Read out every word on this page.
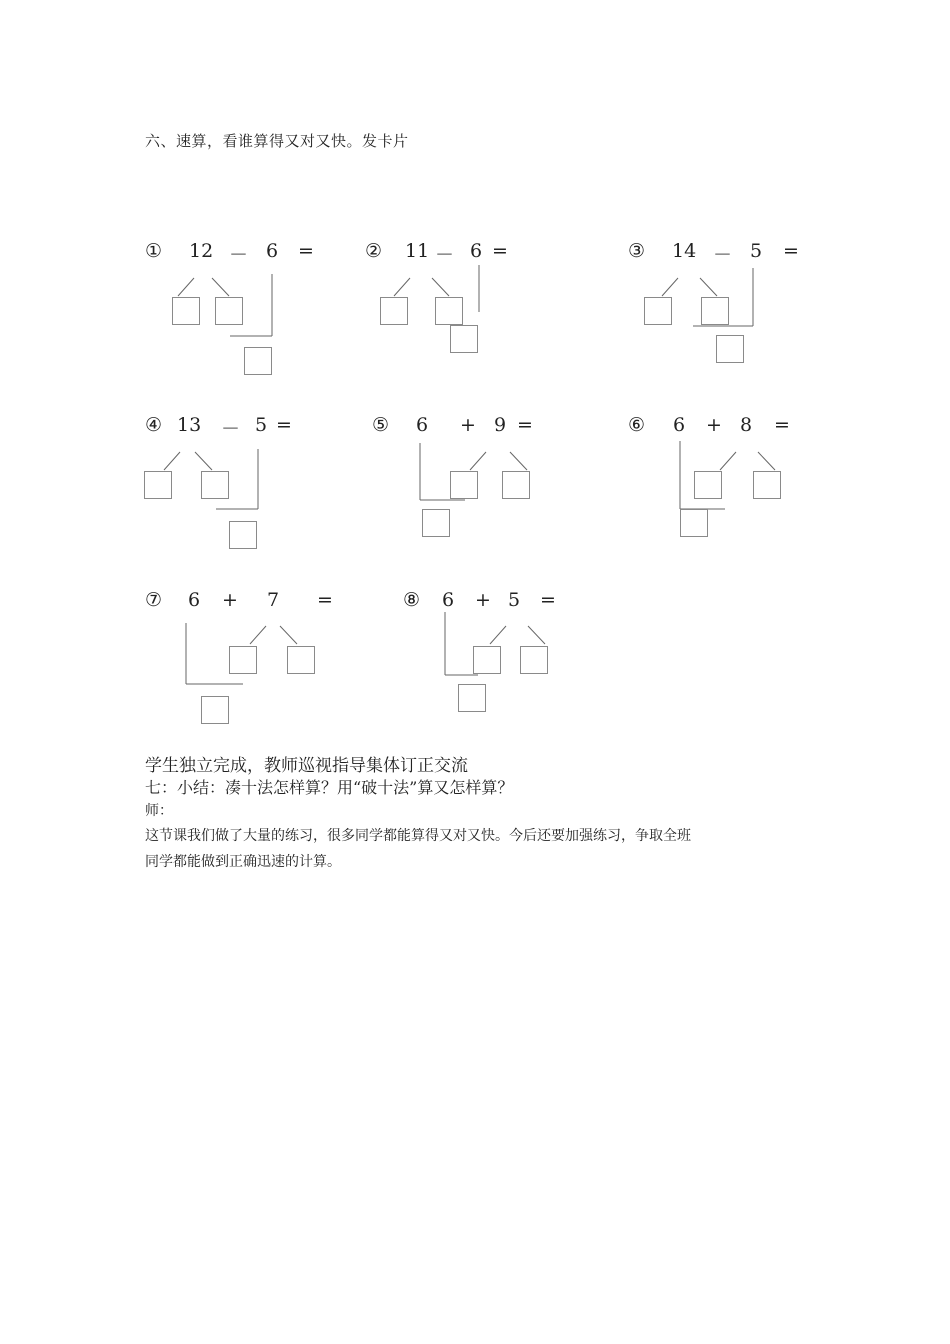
六、速算，看谁算得又对又快。发卡片
① 12 － 6 =	② 11 － 6 =	③ 14 － 5 =
④ 13 － 5 =	⑤ 6 + 9 =	⑥ 6 + 8 =
⑦ 6 + 7 =	⑧ 6 + 5 =
学生独立完成，教师巡视指导集体订正交流
七：小结：凑十法怎样算？用“破十法”算又怎样算？
师：
这节课我们做了大量的练习，很多同学都能算得又对又快。今后还要加强练习，争取全班
同学都能做到正确迅速的计算。
